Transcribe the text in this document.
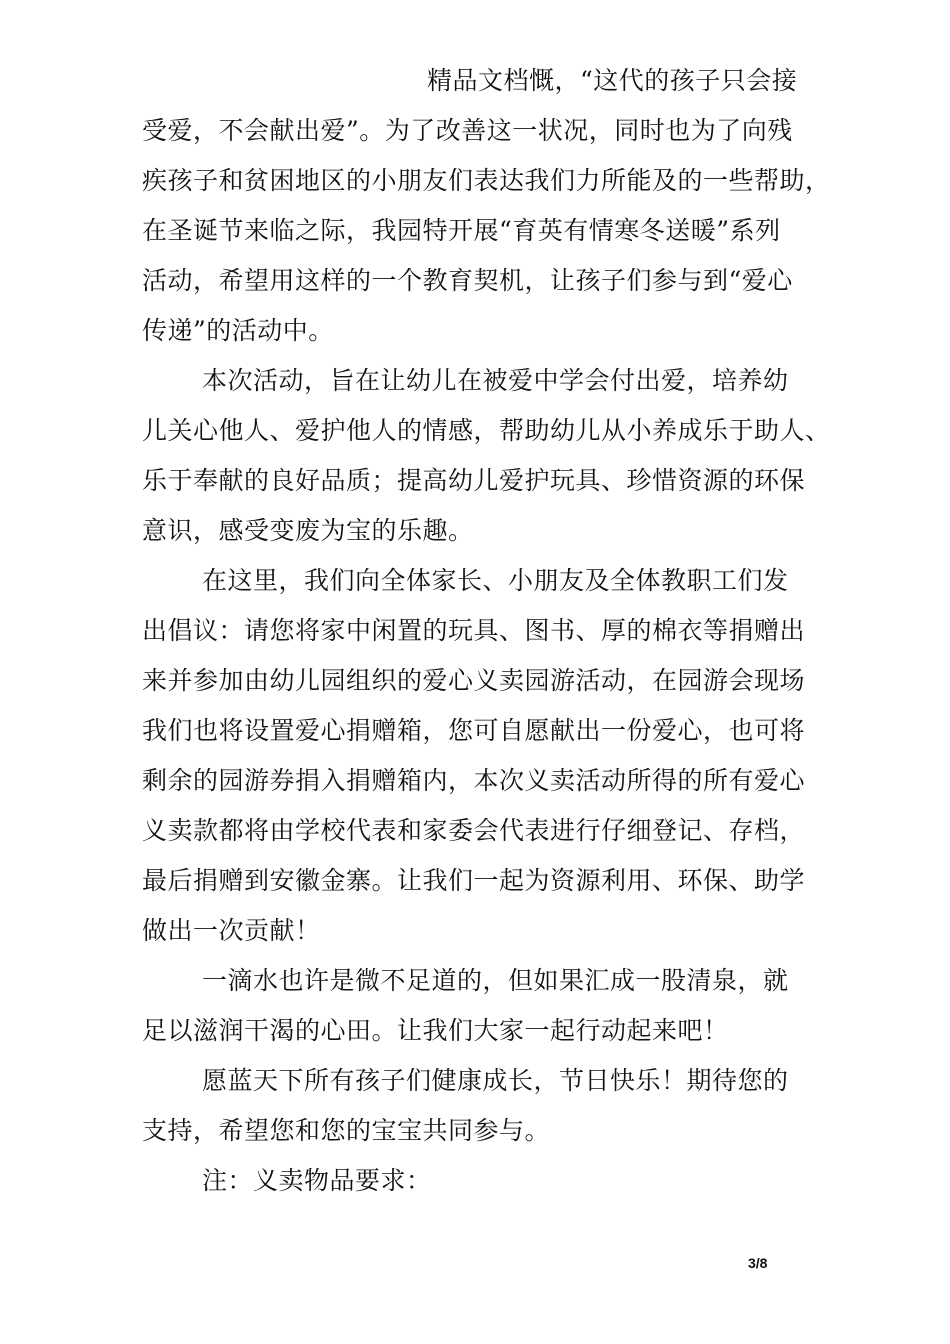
精品文档慨，“这代的孩子只会接
受爱，不会献出爱”。为了改善这一状况，同时也为了向残
疾孩子和贫困地区的小朋友们表达我们力所能及的一些帮助，
在圣诞节来临之际，我园特开展“育英有情寒冬送暖”系列
活动，希望用这样的一个教育契机，让孩子们参与到“爱心
传递”的活动中。
本次活动，旨在让幼儿在被爱中学会付出爱，培养幼
儿关心他人、爱护他人的情感，帮助幼儿从小养成乐于助人、
乐于奉献的良好品质；提高幼儿爱护玩具、珍惜资源的环保
意识，感受变废为宝的乐趣。
在这里，我们向全体家长、小朋友及全体教职工们发
出倡议：请您将家中闲置的玩具、图书、厚的棉衣等捐赠出
来并参加由幼儿园组织的爱心义卖园游活动，在园游会现场
我们也将设置爱心捐赠箱，您可自愿献出一份爱心，也可将
剩余的园游券捐入捐赠箱内，本次义卖活动所得的所有爱心
义卖款都将由学校代表和家委会代表进行仔细登记、存档，
最后捐赠到安徽金寨。让我们一起为资源利用、环保、助学
做出一次贡献！
一滴水也许是微不足道的，但如果汇成一股清泉，就
足以滋润干渴的心田。让我们大家一起行动起来吧！
愿蓝天下所有孩子们健康成长，节日快乐！期待您的
支持，希望您和您的宝宝共同参与。
注：义卖物品要求：
3/8
